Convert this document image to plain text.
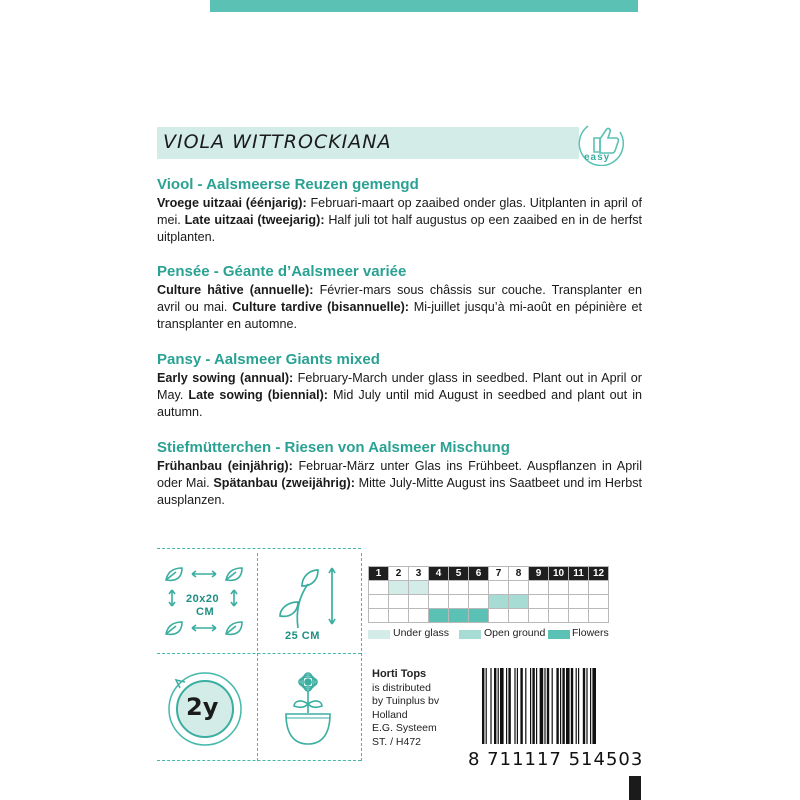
VIOLA WITTROCKIANA
easy
Viool - Aalsmeerse Reuzen gemengd

Vroege uitzaai (éénjarig): Februari-maart op zaaibed onder glas. Uitplanten in april of mei. Late uitzaai (tweejarig): Half juli tot half augustus op een zaaibed en in de herfst uitplanten.

Pensée - Géante d’Aalsmeer variée

Culture hâtive (annuelle): Février-mars sous châssis sur couche. Transplanter en avril ou mai. Culture tardive (bisannuelle): Mi-juillet jusqu’à mi-août en pépinière et transplanter en automne.

Pansy - Aalsmeer Giants mixed

Early sowing (annual): February-March under glass in seedbed. Plant out in April or May. Late sowing (biennial): Mid July until mid August in seedbed and plant out in autumn.

Stiefmütterchen - Riesen von Aalsmeer Mischung

Frühanbau (einjährig): Februar-März unter Glas ins Frühbeet. Auspflanzen in April oder Mai. Spätanbau (zweijährig): Mitte July-Mitte August ins Saatbeet und im Herbst ausplanzen.

20x20
CM
25 CM
2y
1	2	3	4	5	6	7	8	9	10	11	12

Under glass	Open ground	Flowers
Horti Tops
is distributed
by Tuinplus bv
Holland
E.G. Systeem
ST. / H472
8 711117 514503
